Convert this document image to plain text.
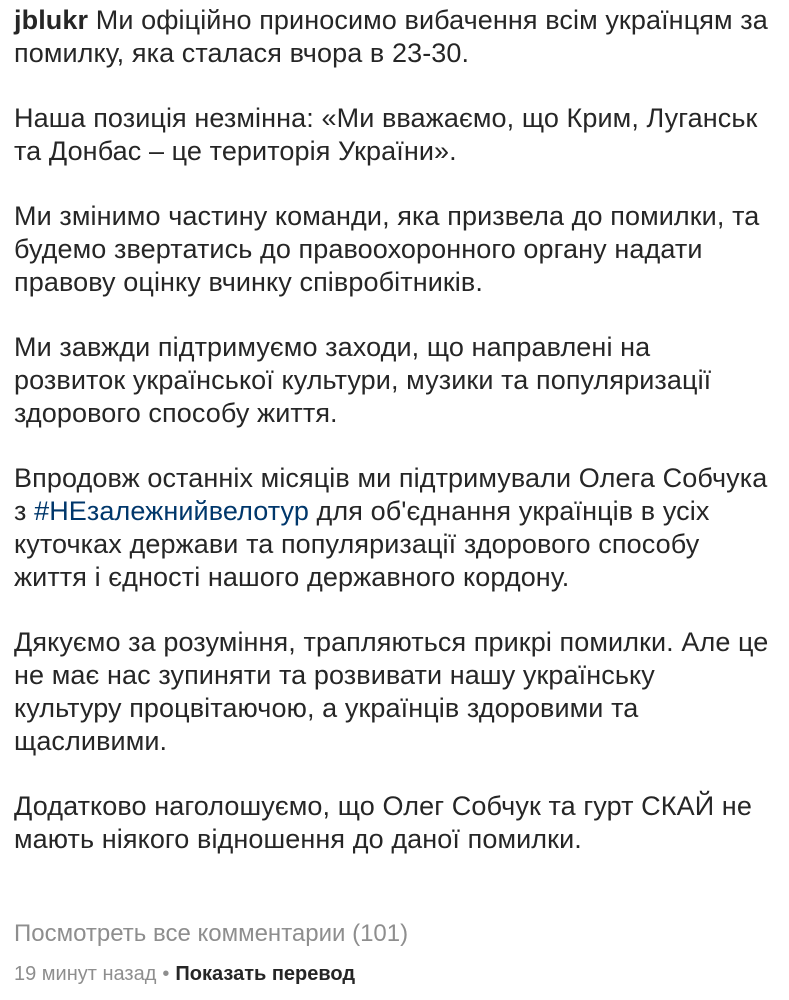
jblukr Ми офіційно приносимо вибачення всім українцям за помилку, яка сталася вчора в 23-30.

Наша позиція незмінна: «Ми вважаємо, що Крим, Луганськ та Донбас – це територія України».

Ми змінимо частину команди, яка призвела до помилки, та будемо звертатись до правоохоронного органу надати правову оцінку вчинку співробітників.

Ми завжди підтримуємо заходи, що направлені на розвиток української культури, музики та популяризації здорового способу життя.

Впродовж останніх місяців ми підтримували Олега Собчука з #НЕзалежнийвелотур для об'єднання українців в усіх куточках держави та популяризації здорового способу життя і єдності нашого державного кордону.

Дякуємо за розуміння, трапляються прикрі помилки. Але це не має нас зупиняти та розвивати нашу українську культуру процвітаючою, а українців здоровими та щасливими.

Додатково наголошуємо, що Олег Собчук та гурт СКАЙ не мають ніякого відношення до даної помилки.

Посмотреть все комментарии (101)
19 минут назад • Показать перевод
